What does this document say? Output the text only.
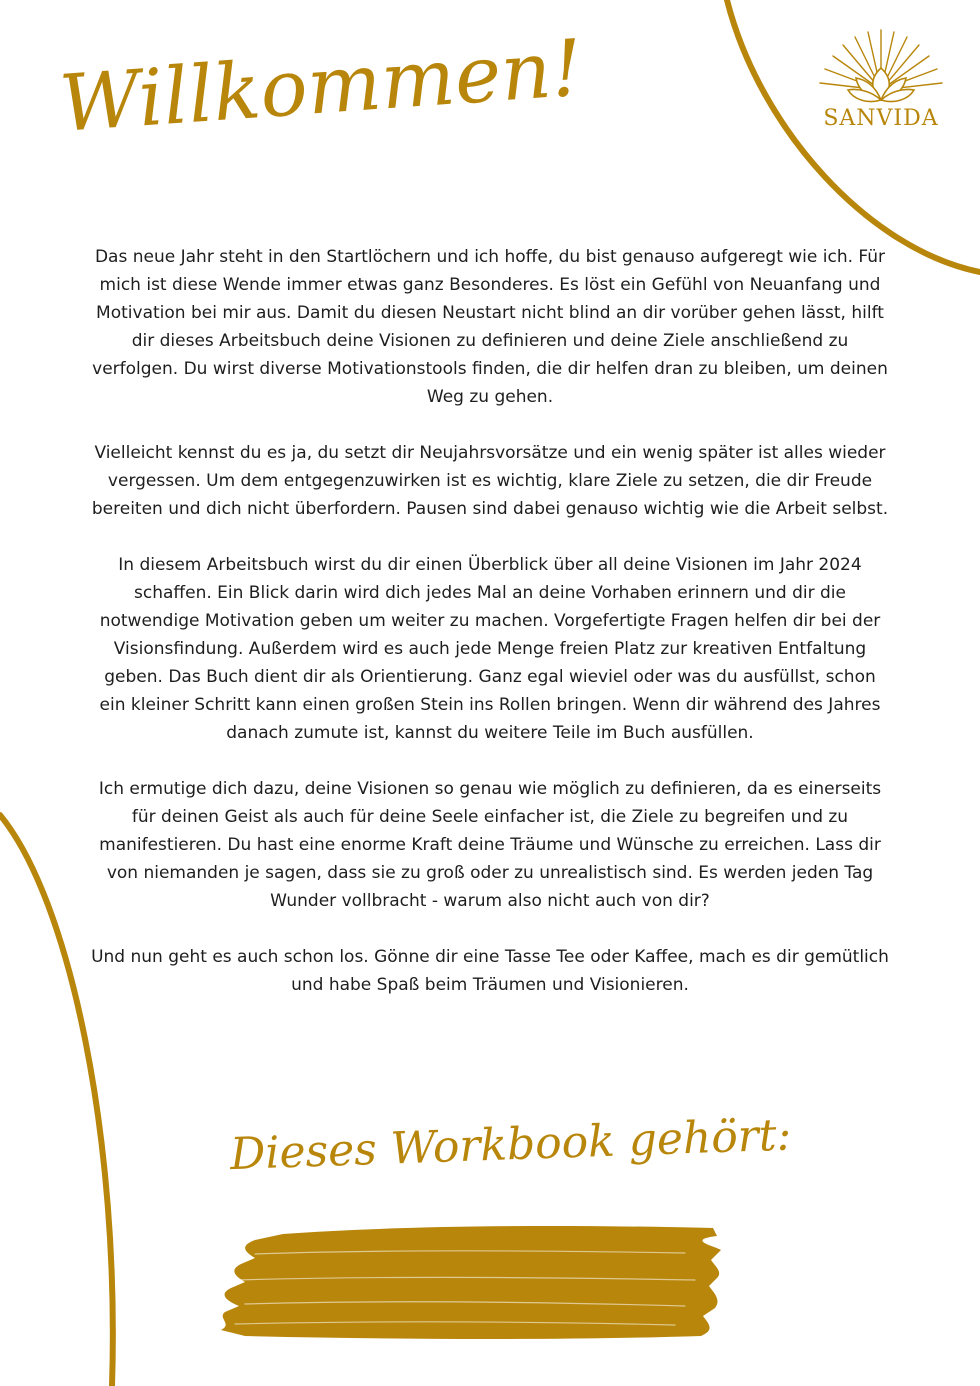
SANVIDA
Willkommen!

Das neue Jahr steht in den Startlöchern und ich hoffe, du bist genauso aufgeregt wie ich. Für mich ist diese Wende immer etwas ganz Besonderes. Es löst ein Gefühl von Neuanfang und Motivation bei mir aus. Damit du diesen Neustart nicht blind an dir vorüber gehen lässt, hilft dir dieses Arbeitsbuch deine Visionen zu definieren und deine Ziele anschließend zu verfolgen. Du wirst diverse Motivationstools finden, die dir helfen dran zu bleiben, um deinen Weg zu gehen.

Vielleicht kennst du es ja, du setzt dir Neujahrsvorsätze und ein wenig später ist alles wieder vergessen. Um dem entgegenzuwirken ist es wichtig, klare Ziele zu setzen, die dir Freude bereiten und dich nicht überfordern. Pausen sind dabei genauso wichtig wie die Arbeit selbst.

In diesem Arbeitsbuch wirst du dir einen Überblick über all deine Visionen im Jahr 2024 schaffen. Ein Blick darin wird dich jedes Mal an deine Vorhaben erinnern und dir die notwendige Motivation geben um weiter zu machen. Vorgefertigte Fragen helfen dir bei der Visionsfindung. Außerdem wird es auch jede Menge freien Platz zur kreativen Entfaltung geben. Das Buch dient dir als Orientierung. Ganz egal wieviel oder was du ausfüllst, schon ein kleiner Schritt kann einen großen Stein ins Rollen bringen. Wenn dir während des Jahres danach zumute ist, kannst du weitere Teile im Buch ausfüllen.

Ich ermutige dich dazu, deine Visionen so genau wie möglich zu definieren, da es einerseits für deinen Geist als auch für deine Seele einfacher ist, die Ziele zu begreifen und zu manifestieren. Du hast eine enorme Kraft deine Träume und Wünsche zu erreichen. Lass dir von niemanden je sagen, dass sie zu groß oder zu unrealistisch sind. Es werden jeden Tag Wunder vollbracht - warum also nicht auch von dir?

Und nun geht es auch schon los. Gönne dir eine Tasse Tee oder Kaffee, mach es dir gemütlich und habe Spaß beim Träumen und Visionieren.

Dieses Workbook gehört:
